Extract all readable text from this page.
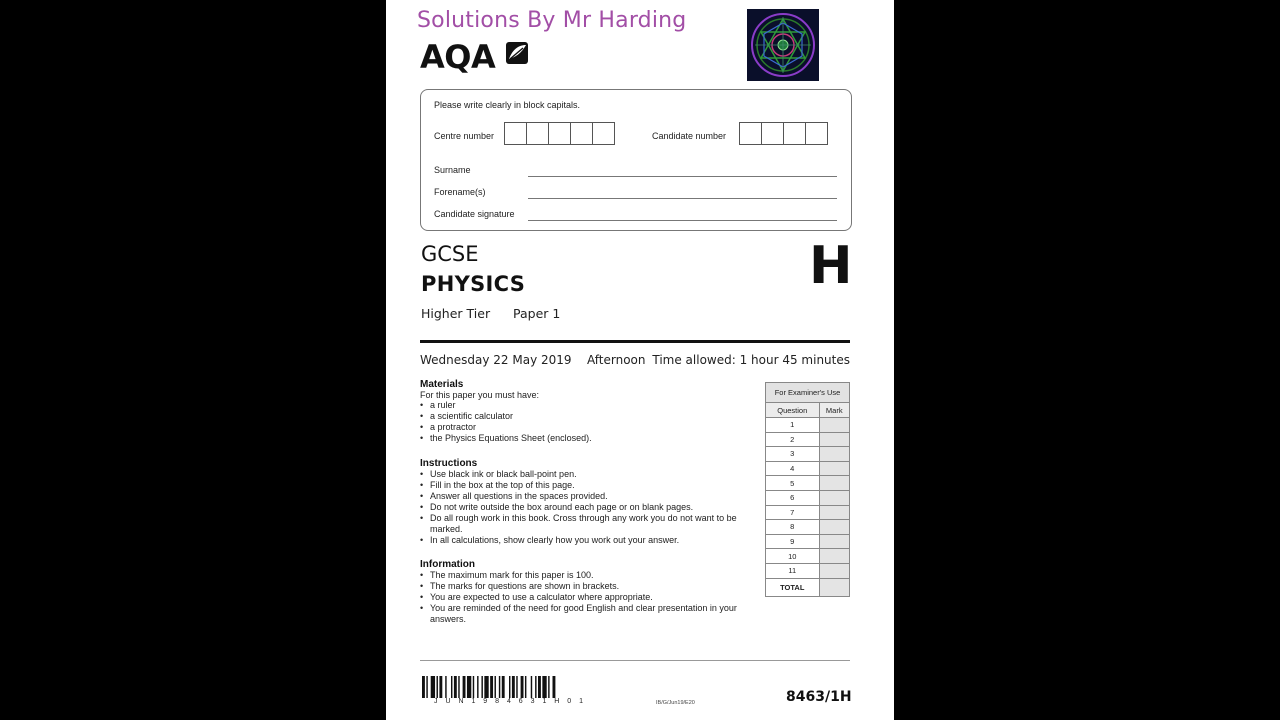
Solutions By Mr Harding
AQA
Please write clearly in block capitals.
Centre number	Candidate number
Surname
Forename(s)
Candidate signature
GCSE
PHYSICS	H
Higher Tier Paper 1
Wednesday 22 May 2019 Afternoon Time allowed: 1 hour 45 minutes
Materials
For this paper you must have:
• a ruler
• a scientific calculator
• a protractor
• the Physics Equations Sheet (enclosed).
Instructions
• Use black ink or black ball-point pen.
• Fill in the box at the top of this page.
• Answer all questions in the spaces provided.
• Do not write outside the box around each page or on blank pages.
• Do all rough work in this book. Cross through any work you do not want to be marked.
• In all calculations, show clearly how you work out your answer.
Information
• The maximum mark for this paper is 100.
• The marks for questions are shown in brackets.
• You are expected to use a calculator where appropriate.
• You are reminded of the need for good English and clear presentation in your answers.
For Examiner's Use	
Question	Mark
1	
2	
3	
4	
5	
6	
7	
8	
9	
10	
11	
TOTAL	
J U N 1 9 8 4 6 3 1 H 0 1	IB/G/Jun19/E20	8463/1H
